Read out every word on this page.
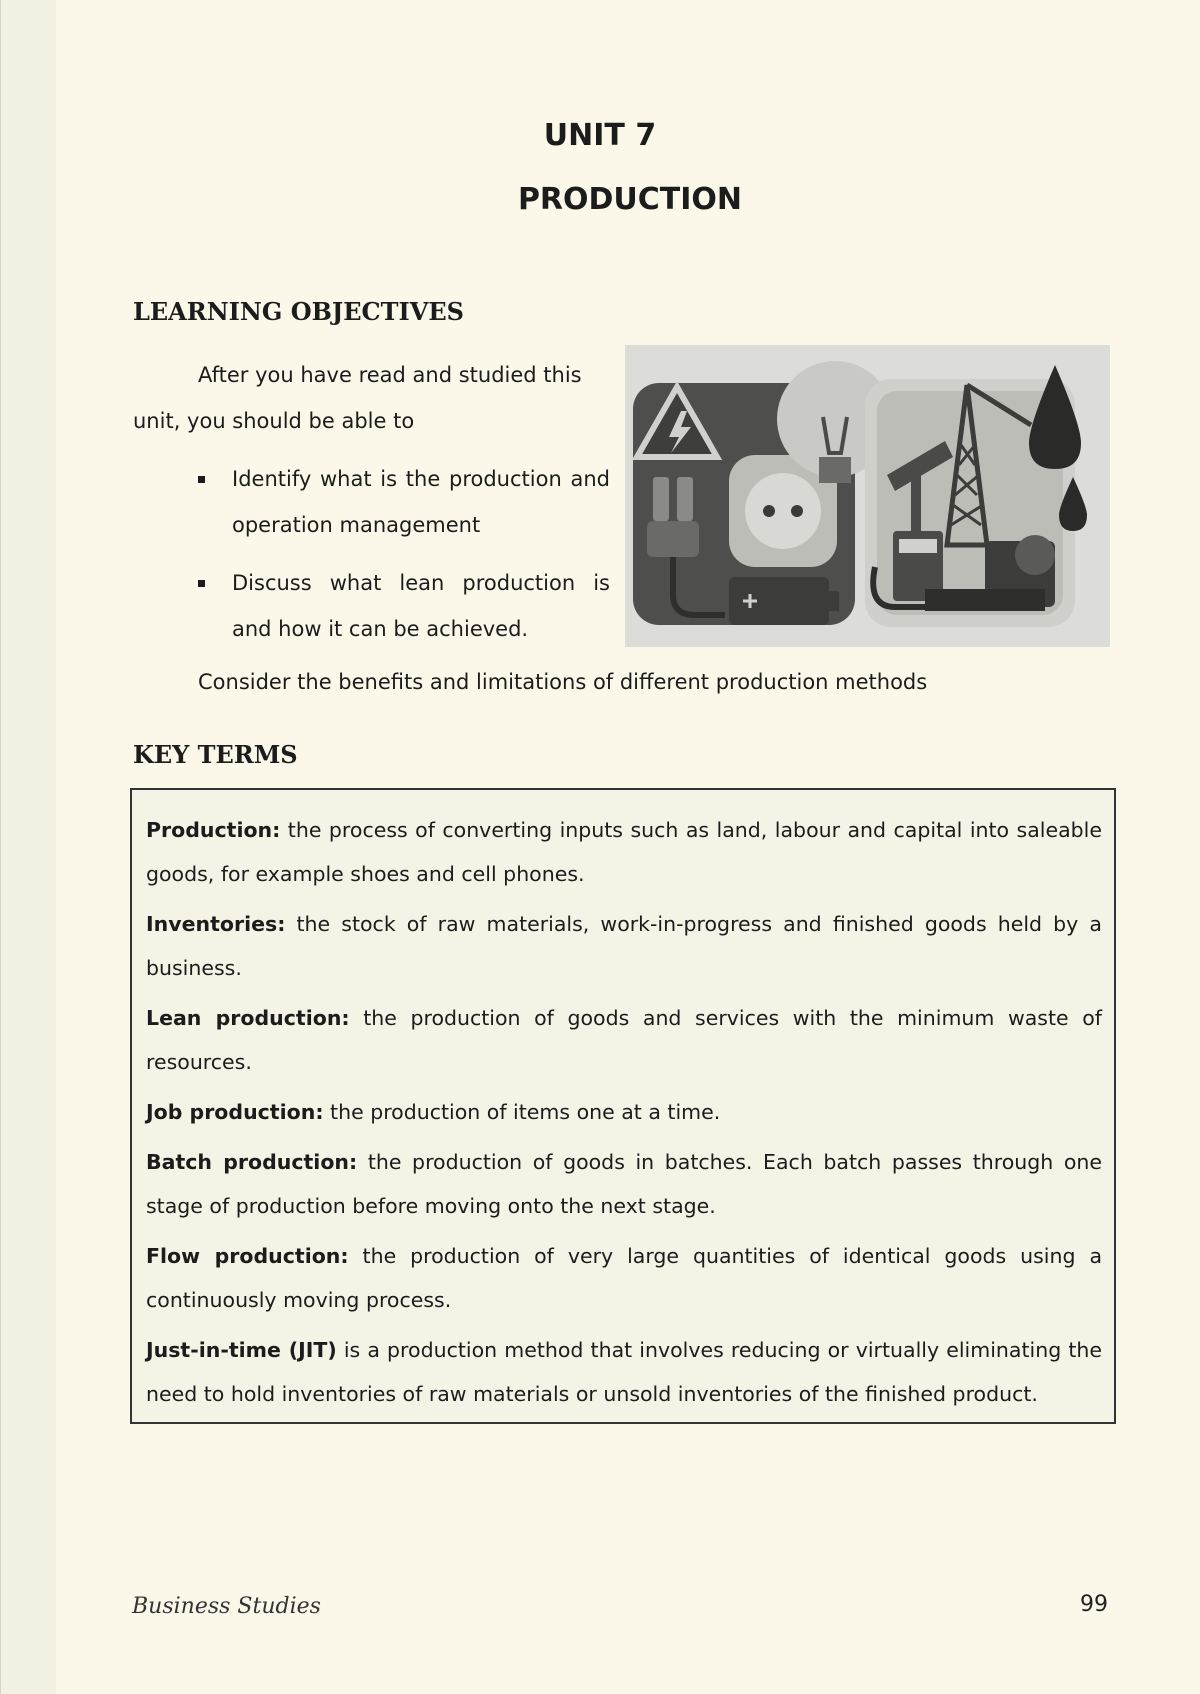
UNIT 7
PRODUCTION
LEARNING OBJECTIVES
After you have read and studied this
unit, you should be able to
Identify what is the production and operation management
Discuss what lean production is and how it can be achieved.
Consider the benefits and limitations of different production methods
KEY TERMS

Production: the process of converting inputs such as land, labour and capital into saleable goods, for example shoes and cell phones.

Inventories: the stock of raw materials, work-in-progress and finished goods held by a business.

Lean production: the production of goods and services with the minimum waste of resources.

Job production: the production of items one at a time.

Batch production: the production of goods in batches. Each batch passes through one stage of production before moving onto the next stage.

Flow production: the production of very large quantities of identical goods using a continuously moving process.

Just-in-time (JIT) is a production method that involves reducing or virtually eliminating the need to hold inventories of raw materials or unsold inventories of the finished product.

Business Studies	99
